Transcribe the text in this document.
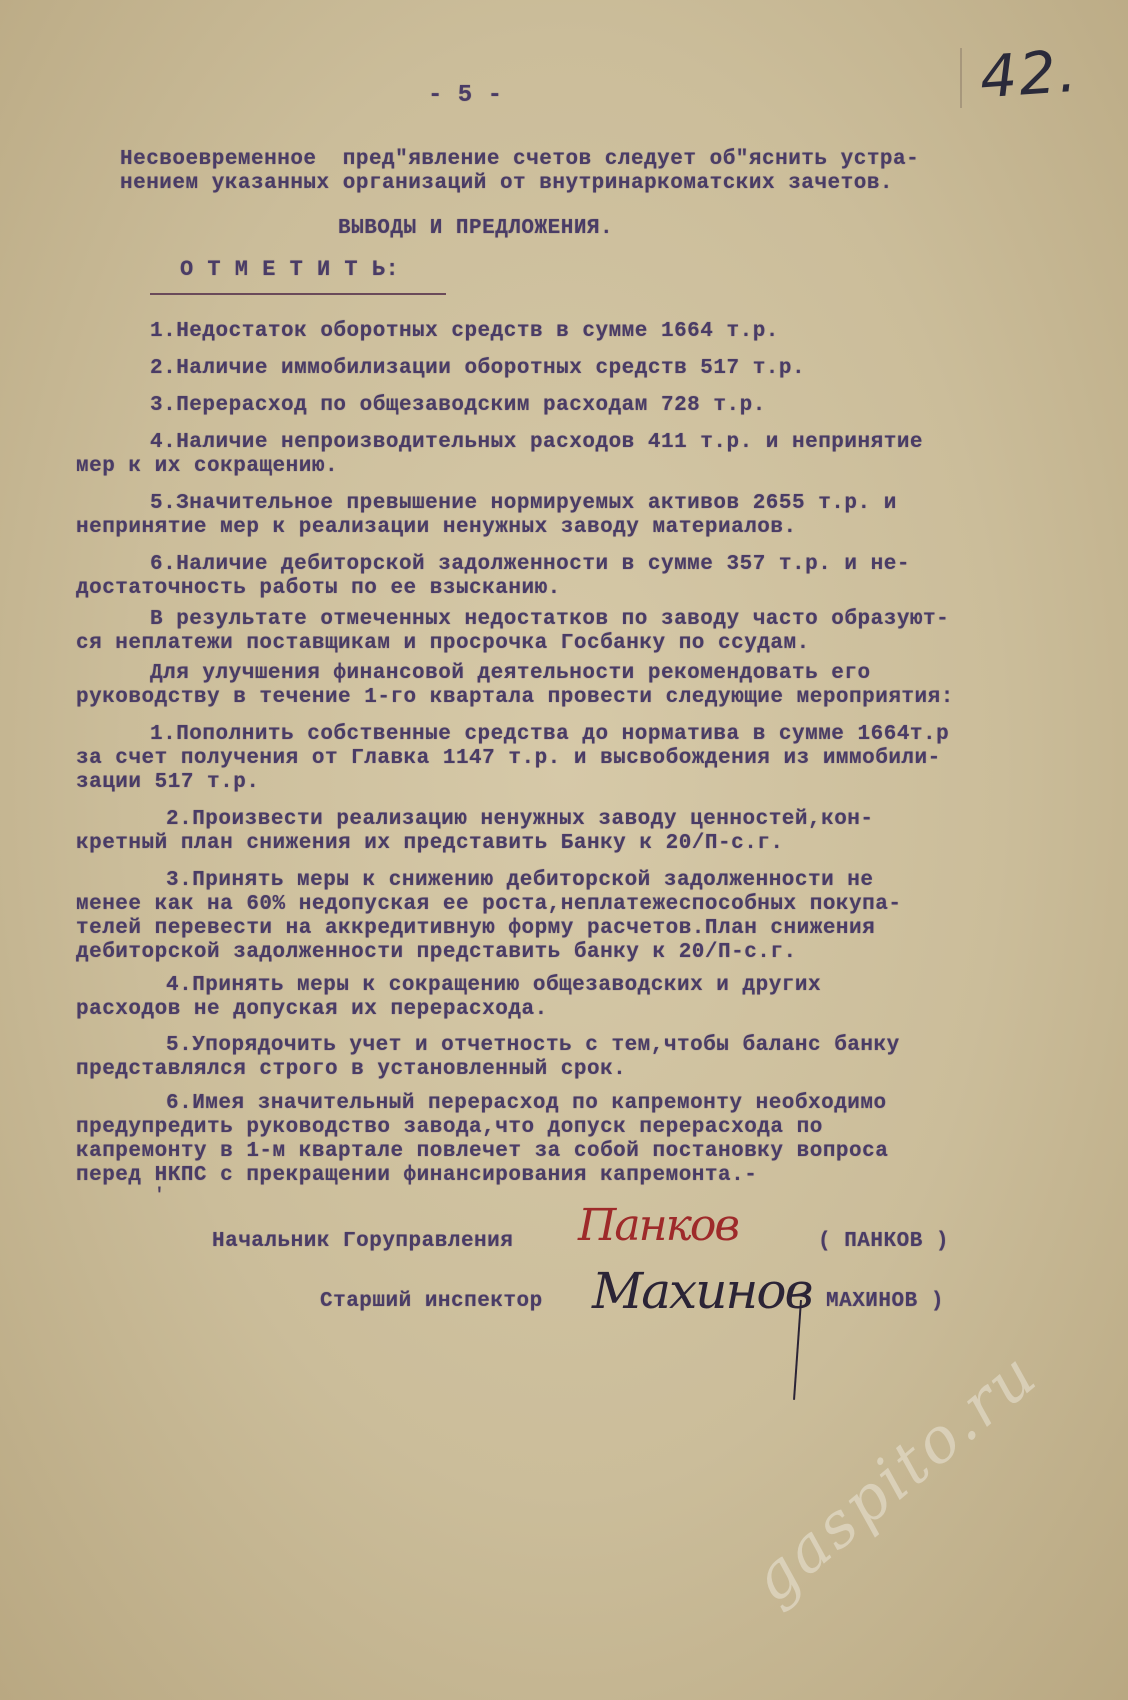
42.
- 5 -
Несвоевременное  пред"явление счетов следует об"яснить устра-
нением указанных организаций от внутринаркоматских зачетов.
ВЫВОДЫ И ПРЕДЛОЖЕНИЯ.
О Т М Е Т И Т Ь:
1.Недостаток оборотных средств в сумме 1664 т.р.
2.Наличие иммобилизации оборотных средств 517 т.р.
3.Перерасход по общезаводским расходам 728 т.р.
4.Наличие непроизводительных расходов 411 т.р. и непринятие
мер к их сокращению.
5.Значительное превышение нормируемых активов 2655 т.р. и
непринятие мер к реализации ненужных заводу материалов.
6.Наличие дебиторской задолженности в сумме 357 т.р. и не-
достаточность работы по ее взысканию.
В результате отмеченных недостатков по заводу часто образуют-
ся неплатежи поставщикам и просрочка Госбанку по ссудам.
Для улучшения финансовой деятельности рекомендовать его
руководству в течение 1-го квартала провести следующие мероприятия:
1.Пополнить собственные средства до норматива в сумме 1664т.р
за счет получения от Главка 1147 т.р. и высвобождения из иммобили-
зации 517 т.р.
2.Произвести реализацию ненужных заводу ценностей,кон-
кретный план снижения их представить Банку к 20/П-с.г.
3.Принять меры к снижению дебиторской задолженности не
менее как на 60% недопуская ее роста,неплатежеспособных покупа-
телей перевести на аккредитивную форму расчетов.План снижения
дебиторской задолженности представить банку к 20/П-с.г.
4.Принять меры к сокращению общезаводских и других
расходов не допуская их перерасхода.
5.Упорядочить учет и отчетность с тем,чтобы баланс банку
представлялся строго в установленный срок.
6.Имея значительный перерасход по капремонту необходимо
предупредить руководство завода,что допуск перерасхода по
капремонту в 1-м квартале повлечет за собой постановку вопроса
перед НКПС с прекращении финансирования капремонта.-
'
Начальник Горуправления Панков	( ПАНКОВ )
Старший инспектор Махинов МАХИНОВ )
gaspito.ru
